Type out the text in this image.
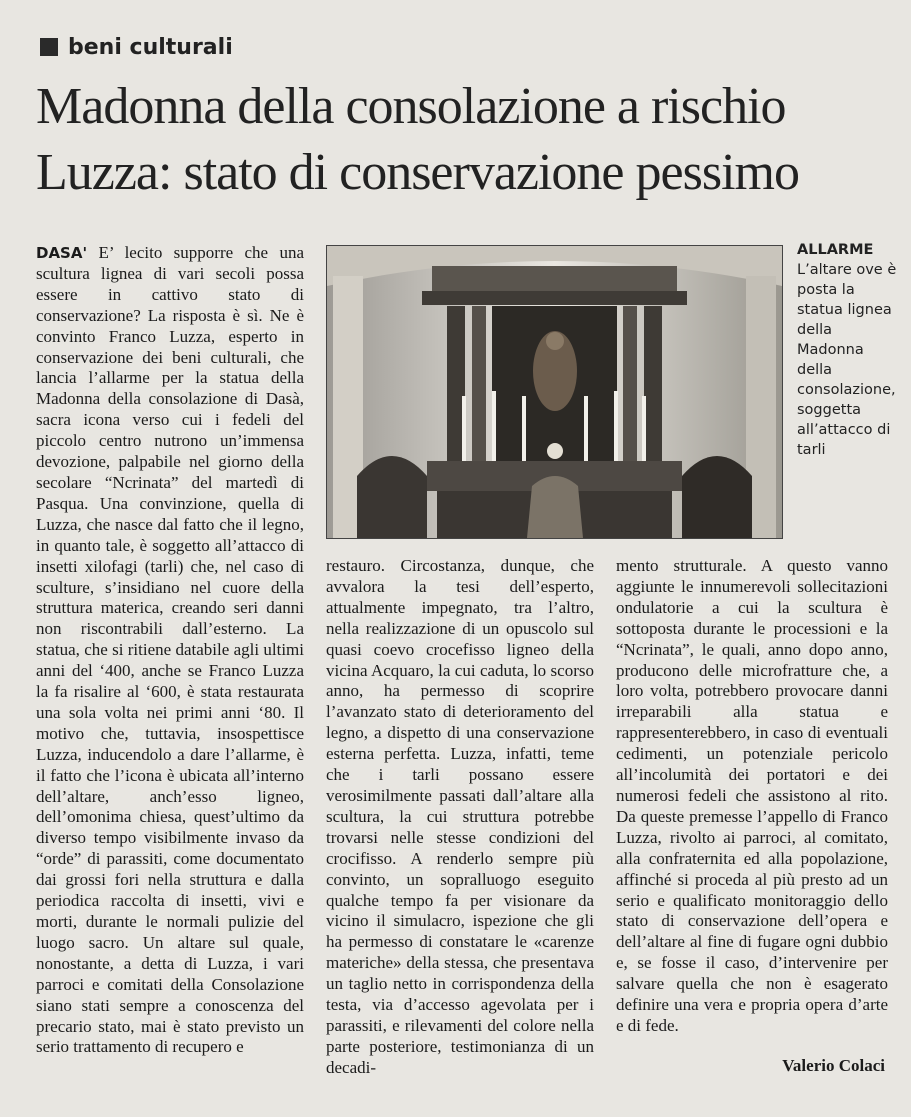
beni culturali
Madonna della consolazione a rischio
Luzza: stato di conservazione pessimo

DASA' E’ lecito supporre che una scultura lignea di vari secoli possa essere in cattivo stato di conservazione? La risposta è sì. Ne è convinto Franco Luzza, esperto in conservazione dei beni culturali, che lancia l’allarme per la statua della Madonna della consolazione di Dasà, sacra icona verso cui i fedeli del piccolo centro nutrono un’immensa devozione, palpabile nel giorno della secolare “Ncrinata” del martedì di Pasqua. Una convinzione, quella di Luzza, che nasce dal fatto che il legno, in quanto tale, è soggetto all’attacco di insetti xilofagi (tarli) che, nel caso di sculture, s’insidiano nel cuore della struttura materica, creando seri danni non riscontrabili dall’esterno. La statua, che si ritiene databile agli ultimi anni del ‘400, anche se Franco Luzza la fa risalire al ‘600, è stata restaurata una sola volta nei primi anni ‘80. Il motivo che, tuttavia, insospettisce Luzza, inducendolo a dare l’allarme, è il fatto che l’icona è ubicata all’interno dell’altare, anch’esso ligneo, dell’omonima chiesa, quest’ultimo da diverso tempo visibilmente invaso da “orde” di parassiti, come documentato dai grossi fori nella struttura e dalla periodica raccolta di insetti, vivi e morti, durante le normali pulizie del luogo sacro. Un altare sul quale, nonostante, a detta di Luzza, i vari parroci e comitati della Consolazione siano stati sempre a conoscenza del precario stato, mai è stato previsto un serio trattamento di recupero e

ALLARME
L’altare ove è posta la statua lignea della Madonna della consolazione, soggetta all’attacco di tarli

restauro. Circostanza, dunque, che avvalora la tesi dell’esperto, attualmente impegnato, tra l’altro, nella realizzazione di un opuscolo sul quasi coevo crocefisso ligneo della vicina Acquaro, la cui caduta, lo scorso anno, ha permesso di scoprire l’avanzato stato di deterioramento del legno, a dispetto di una conservazione esterna perfetta. Luzza, infatti, teme che i tarli possano essere verosimilmente passati dall’altare alla scultura, la cui struttura potrebbe trovarsi nelle stesse condizioni del crocifisso. A renderlo sempre più convinto, un sopralluogo eseguito qualche tempo fa per visionare da vicino il simulacro, ispezione che gli ha permesso di constatare le «carenze materiche» della stessa, che presentava un taglio netto in corrispondenza della testa, via d’accesso agevolata per i parassiti, e rilevamenti del colore nella parte posteriore, testimonianza di un decadi-

mento strutturale. A questo vanno aggiunte le innumerevoli sollecitazioni ondulatorie a cui la scultura è sottoposta durante le processioni e la “Ncrinata”, le quali, anno dopo anno, producono delle microfratture che, a loro volta, potrebbero provocare danni irreparabili alla statua e rappresenterebbero, in caso di eventuali cedimenti, un potenziale pericolo all’incolumità dei portatori e dei numerosi fedeli che assistono al rito. Da queste premesse l’appello di Franco Luzza, rivolto ai parroci, al comitato, alla confraternita ed alla popolazione, affinché si proceda al più presto ad un serio e qualificato monitoraggio dello stato di conservazione dell’opera e dell’altare al fine di fugare ogni dubbio e, se fosse il caso, d’intervenire per salvare quella che non è esagerato definire una vera e propria opera d’arte e di fede.

Valerio Colaci
